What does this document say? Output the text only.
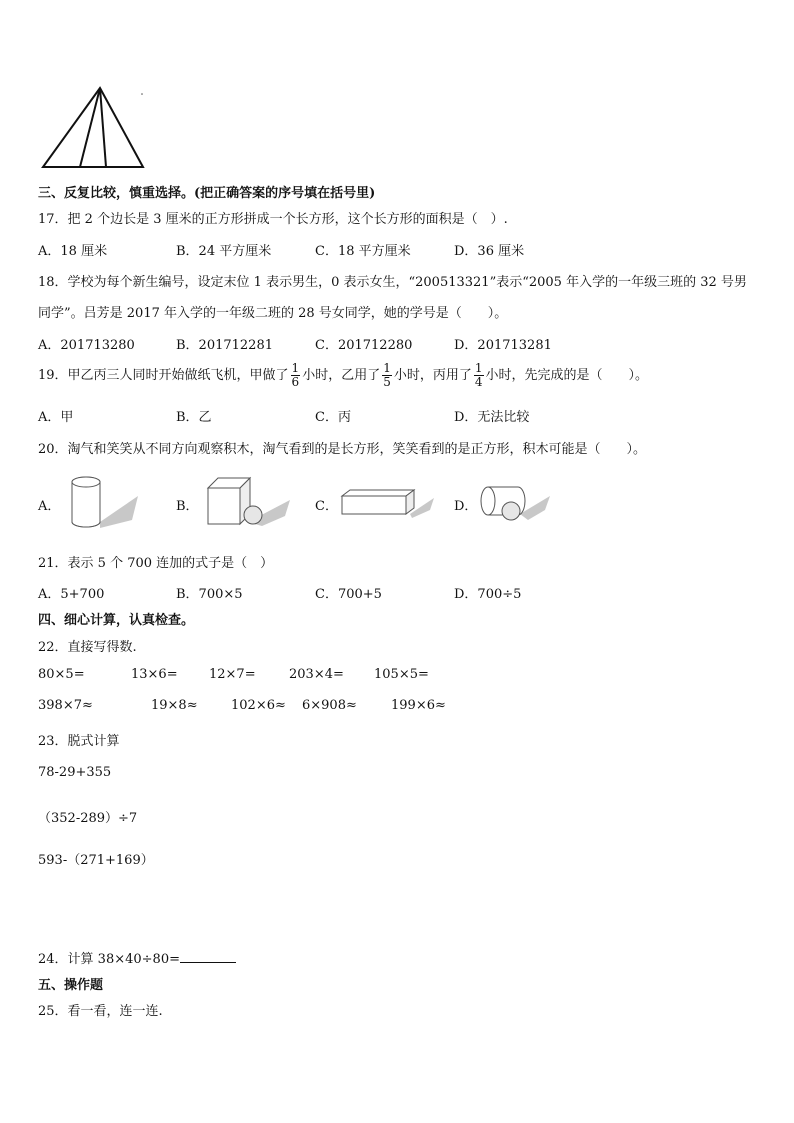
三、反复比较，慎重选择。(把正确答案的序号填在括号里)
17．把 2 个边长是 3 厘米的正方形拼成一个长方形，这个长方形的面积是（　）.
A．18 厘米	B．24 平方厘米	C．18 平方厘米	D．36 厘米
18．学校为每个新生编号，设定末位 1 表示男生，0 表示女生，“200513321”表示“2005 年入学的一年级三班的 32 号男
同学”。吕芳是 2017 年入学的一年级二班的 28 号女同学，她的学号是（　　）。
A．201713280	B．201712281	C．201712280	D．201713281
19．甲乙丙三人同时开始做纸飞机，甲做了 $\frac{1}{6}$ 小时，乙用了 $\frac{1}{5}$ 小时，丙用了 $\frac{1}{4}$ 小时，先完成的是（　　）。
A．甲	B．乙	C．丙	D．无法比较
20．淘气和笑笑从不同方向观察积木，淘气看到的是长方形，笑笑看到的是正方形，积木可能是（　　）。
A．	B．	C．	D．
21．表示 5 个 700 连加的式子是（　）
A．5+700	B．700×5	C．700+5	D．700÷5
四、细心计算，认真检查。
22．直接写得数.
80×5=	13×6= 12×7=	203×4= 105×5=
398×7≈	19×8≈	102×6≈ 6×908≈	199×6≈
23．脱式计算
78-29+355
（352-289）÷7
593-（271+169）
24．计算 38×40÷80=
五、操作题
25．看一看，连一连.
